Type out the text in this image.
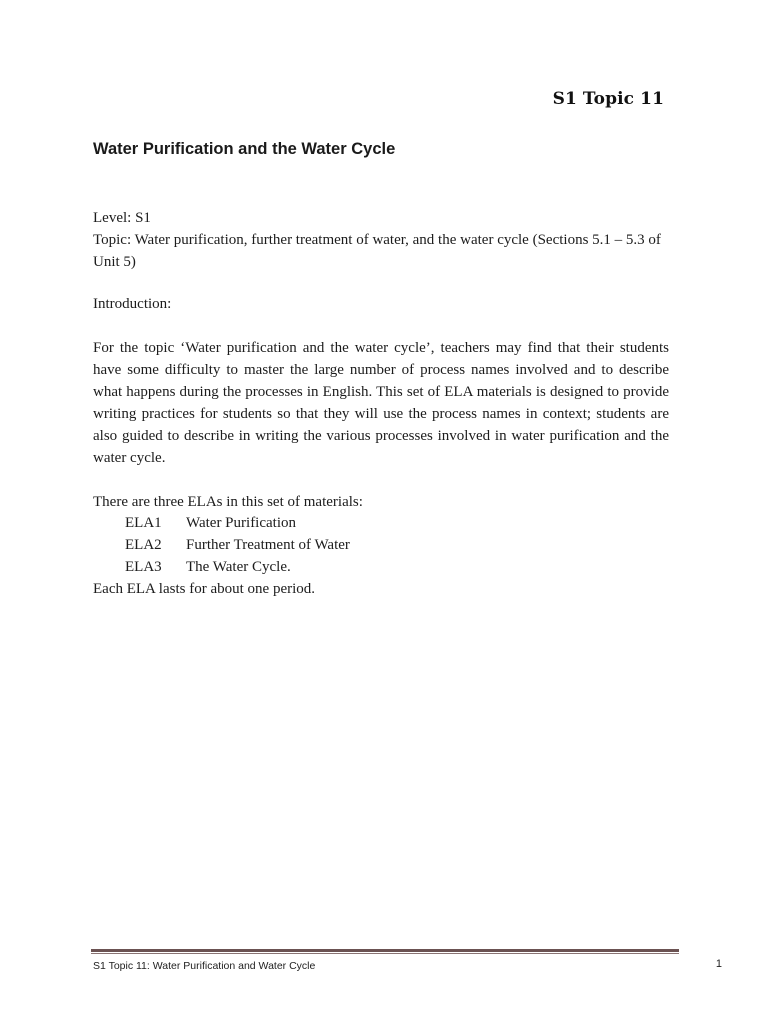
S1 Topic 11
Water Purification and the Water Cycle
Level: S1
Topic: Water purification, further treatment of water, and the water cycle (Sections 5.1 – 5.3 of Unit 5)
Introduction:
For the topic ‘Water purification and the water cycle’, teachers may find that their students have some difficulty to master the large number of process names involved and to describe what happens during the processes in English. This set of ELA materials is designed to provide writing practices for students so that they will use the process names in context; students are also guided to describe in writing the various processes involved in water purification and the water cycle.
There are three ELAs in this set of materials:
ELA1	Water Purification
ELA2	Further Treatment of Water
ELA3	The Water Cycle.
Each ELA lasts for about one period.
S1 Topic 11: Water Purification and Water Cycle	1
